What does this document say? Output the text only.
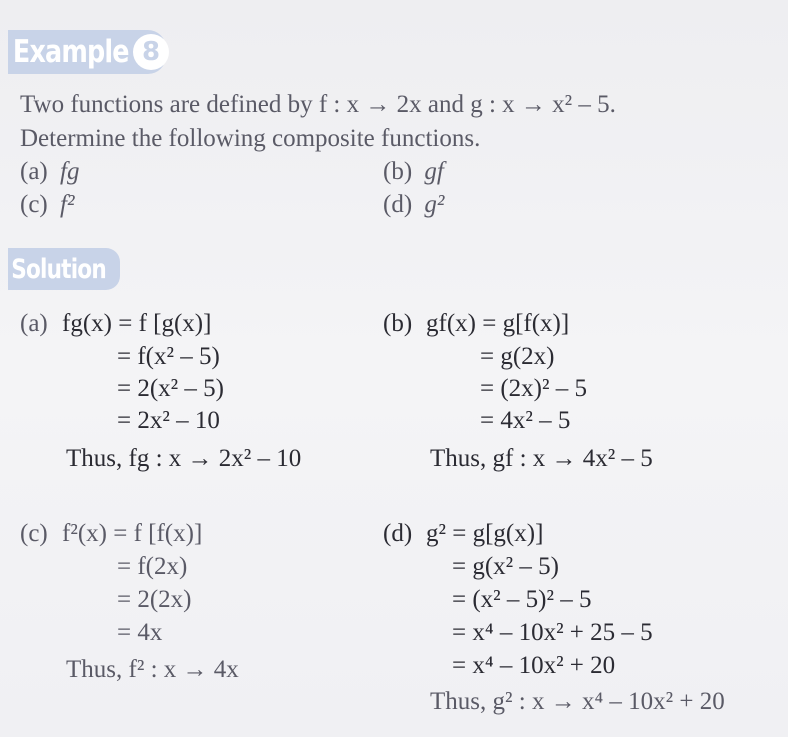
Example 8
Two functions are defined by f : x → 2x and g : x → x² – 5.
Determine the following composite functions.
(a) fg	(b) gf
(c) f²	(d) g²
Solution
(a) fg(x) = f [g(x)]
= f(x² – 5)
= 2(x² – 5)
= 2x² – 10
Thus, fg : x → 2x² – 10
(b) gf(x) = g[f(x)]
= g(2x)
= (2x)² – 5
= 4x² – 5
Thus, gf : x → 4x² – 5
(c) f²(x) = f [f(x)]
= f(2x)
= 2(2x)
= 4x
Thus, f² : x → 4x
(d) g² = g[g(x)]
= g(x² – 5)
= (x² – 5)² – 5
= x⁴ – 10x² + 25 – 5
= x⁴ – 10x² + 20
Thus, g² : x → x⁴ – 10x² + 20
